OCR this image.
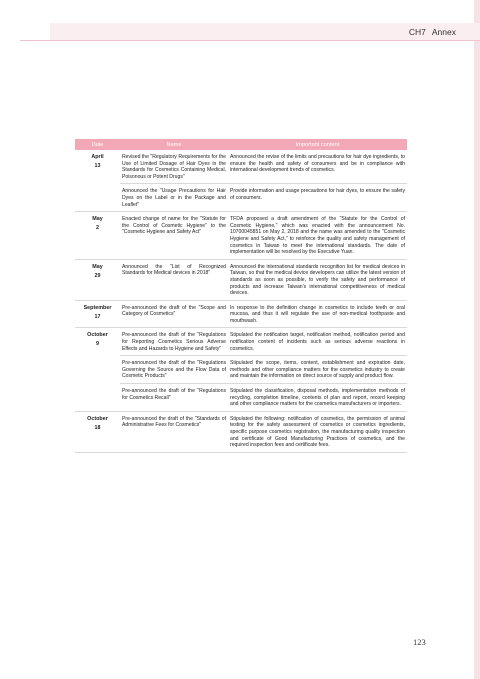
CH7 Annex
Date	Name	Important content

April
13	Revised the "Regulatory Requirements for the Use of Limited Dosage of Hair Dyes in the Standards for Cosmetics Containing Medical, Poisonous or Potent Drugs"	Announced the revise of the limits and precautions for hair dye ingredients, to ensure the health and safety of consumers and be in compliance with international development trends of cosmetics.
	Announced the "Usage Precautions for Hair Dyes on the Label or in the Package and Leaflet"	Provide information and usage precautions for hair dyes, to ensure the safety of consumers.

May
2	Enacted change of name for the "Statute for the Control of Cosmetic Hygiene" to the "Cosmetic Hygiene and Safety Act"	TFDA proposed a draft amendment of the "Statute for the Control of Cosmetic Hygiene," which was enacted with the announcement No. 10700045851 on May 2, 2018 and the name was amended to the "Cosmetic Hygiene and Safety Act," to reinforce the quality and safety management of cosmetics in Taiwan to meet the international standards. The date of implementation will be resolved by the Executive Yuan.

May
29	Announced the "List of Recognized Standards for Medical devices in 2018"	Announced the international standards recognition list for medical devices in Taiwan, so that the medical device developers can utilize the latest version of standards as soon as possible, to verify the safety and performance of products and increase Taiwan's international competitiveness of medical devices.

September
17	Pre-announced the draft of the "Scope and Category of Cosmetics"	In response to the definition change in cosmetics to include teeth or oral mucosa, and thus it will regulate the use of non-medical toothpaste and mouthwash.

October
9	Pre-announced the draft of the "Regulations for Reporting Cosmetics Serious Adverse Effects and Hazards to Hygiene and Safety"	Stipulated the notification target, notification method, notification period and notification content of incidents such as serious adverse reactions in cosmetics.
	Pre-announced the draft of the "Regulations Governing the Source and the Flow Data of Cosmetic Products"	Stipulated the scope, items, content, establishment and expiration date, methods and other compliance matters for the cosmetics industry to create and maintain the information on direct source of supply and product flow.
	Pre-announced the draft of the "Regulations for Cosmetics Recall"	Stipulated the classification, disposal methods, implementation methods of recycling, completion timeline, contents of plan and report, record keeping and other compliance matters for the cosmetics manufacturers or importers.

October
18	Pre-announced the draft of the "Standards of Administrative Fees for Cosmetics"	Stipulated the following: notification of cosmetics, the permission of animal testing for the safety assessment of cosmetics or cosmetics ingredients, specific purpose cosmetics registration, the manufacturing quality inspection and certificate of Good Manufacturing Practices of cosmetics, and the required inspection fees and certificate fees.
123
